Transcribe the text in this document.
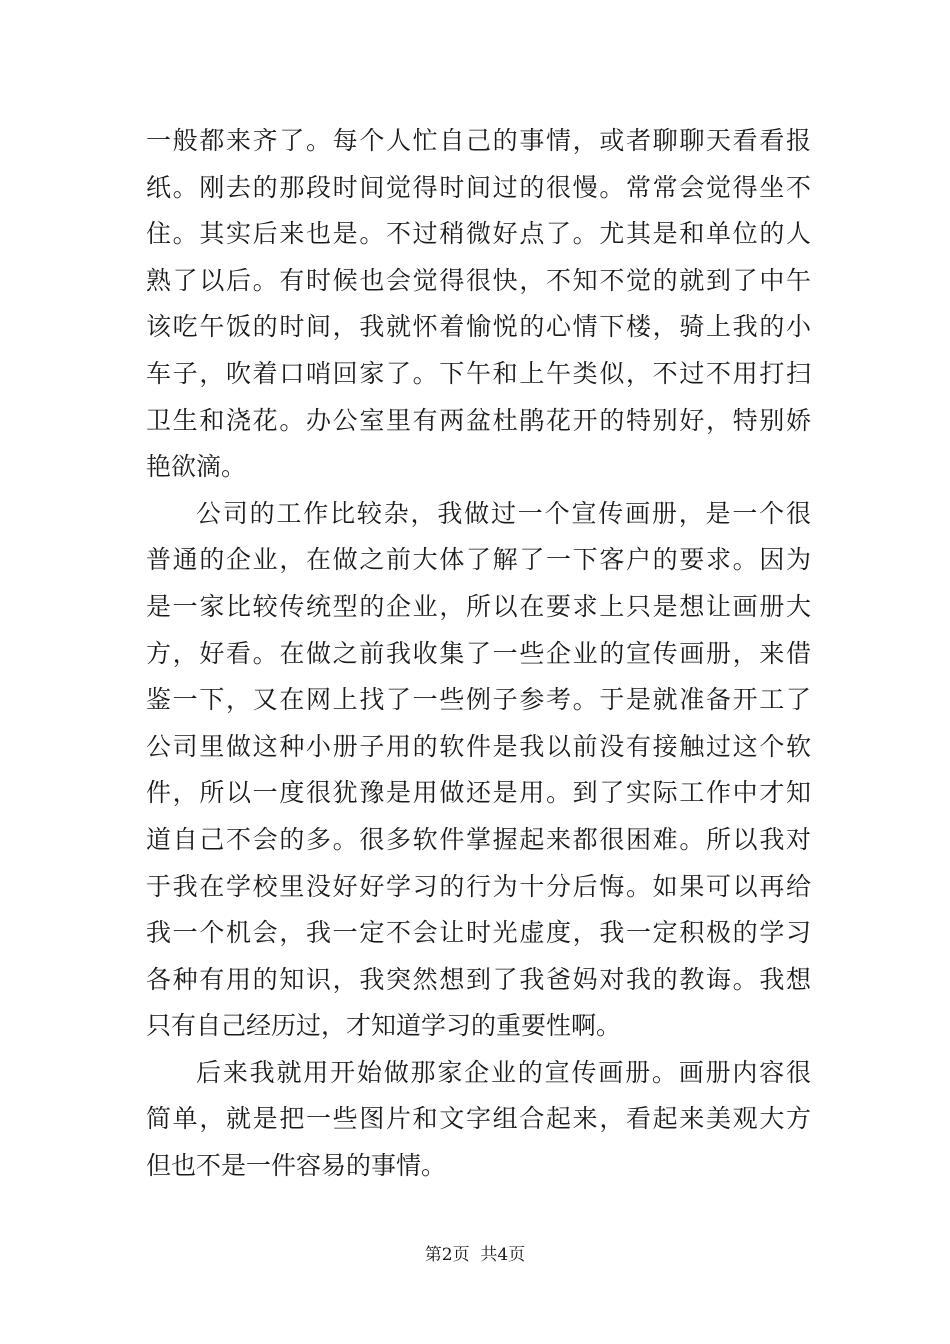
一般都来齐了。每个人忙自己的事情，或者聊聊天看看报
纸。刚去的那段时间觉得时间过的很慢。常常会觉得坐不
住。其实后来也是。不过稍微好点了。尤其是和单位的人
熟了以后。有时候也会觉得很快，不知不觉的就到了中午
该吃午饭的时间，我就怀着愉悦的心情下楼，骑上我的小
车子，吹着口哨回家了。下午和上午类似，不过不用打扫
卫生和浇花。办公室里有两盆杜鹃花开的特别好，特别娇
艳欲滴。
公司的工作比较杂，我做过一个宣传画册，是一个很
普通的企业，在做之前大体了解了一下客户的要求。因为
是一家比较传统型的企业，所以在要求上只是想让画册大
方，好看。在做之前我收集了一些企业的宣传画册，来借
鉴一下，又在网上找了一些例子参考。于是就准备开工了
公司里做这种小册子用的软件是我以前没有接触过这个软
件，所以一度很犹豫是用做还是用。到了实际工作中才知
道自己不会的多。很多软件掌握起来都很困难。所以我对
于我在学校里没好好学习的行为十分后悔。如果可以再给
我一个机会，我一定不会让时光虚度，我一定积极的学习
各种有用的知识，我突然想到了我爸妈对我的教诲。我想
只有自己经历过，才知道学习的重要性啊。
后来我就用开始做那家企业的宣传画册。画册内容很
简单，就是把一些图片和文字组合起来，看起来美观大方
但也不是一件容易的事情。
第2页  共4页
